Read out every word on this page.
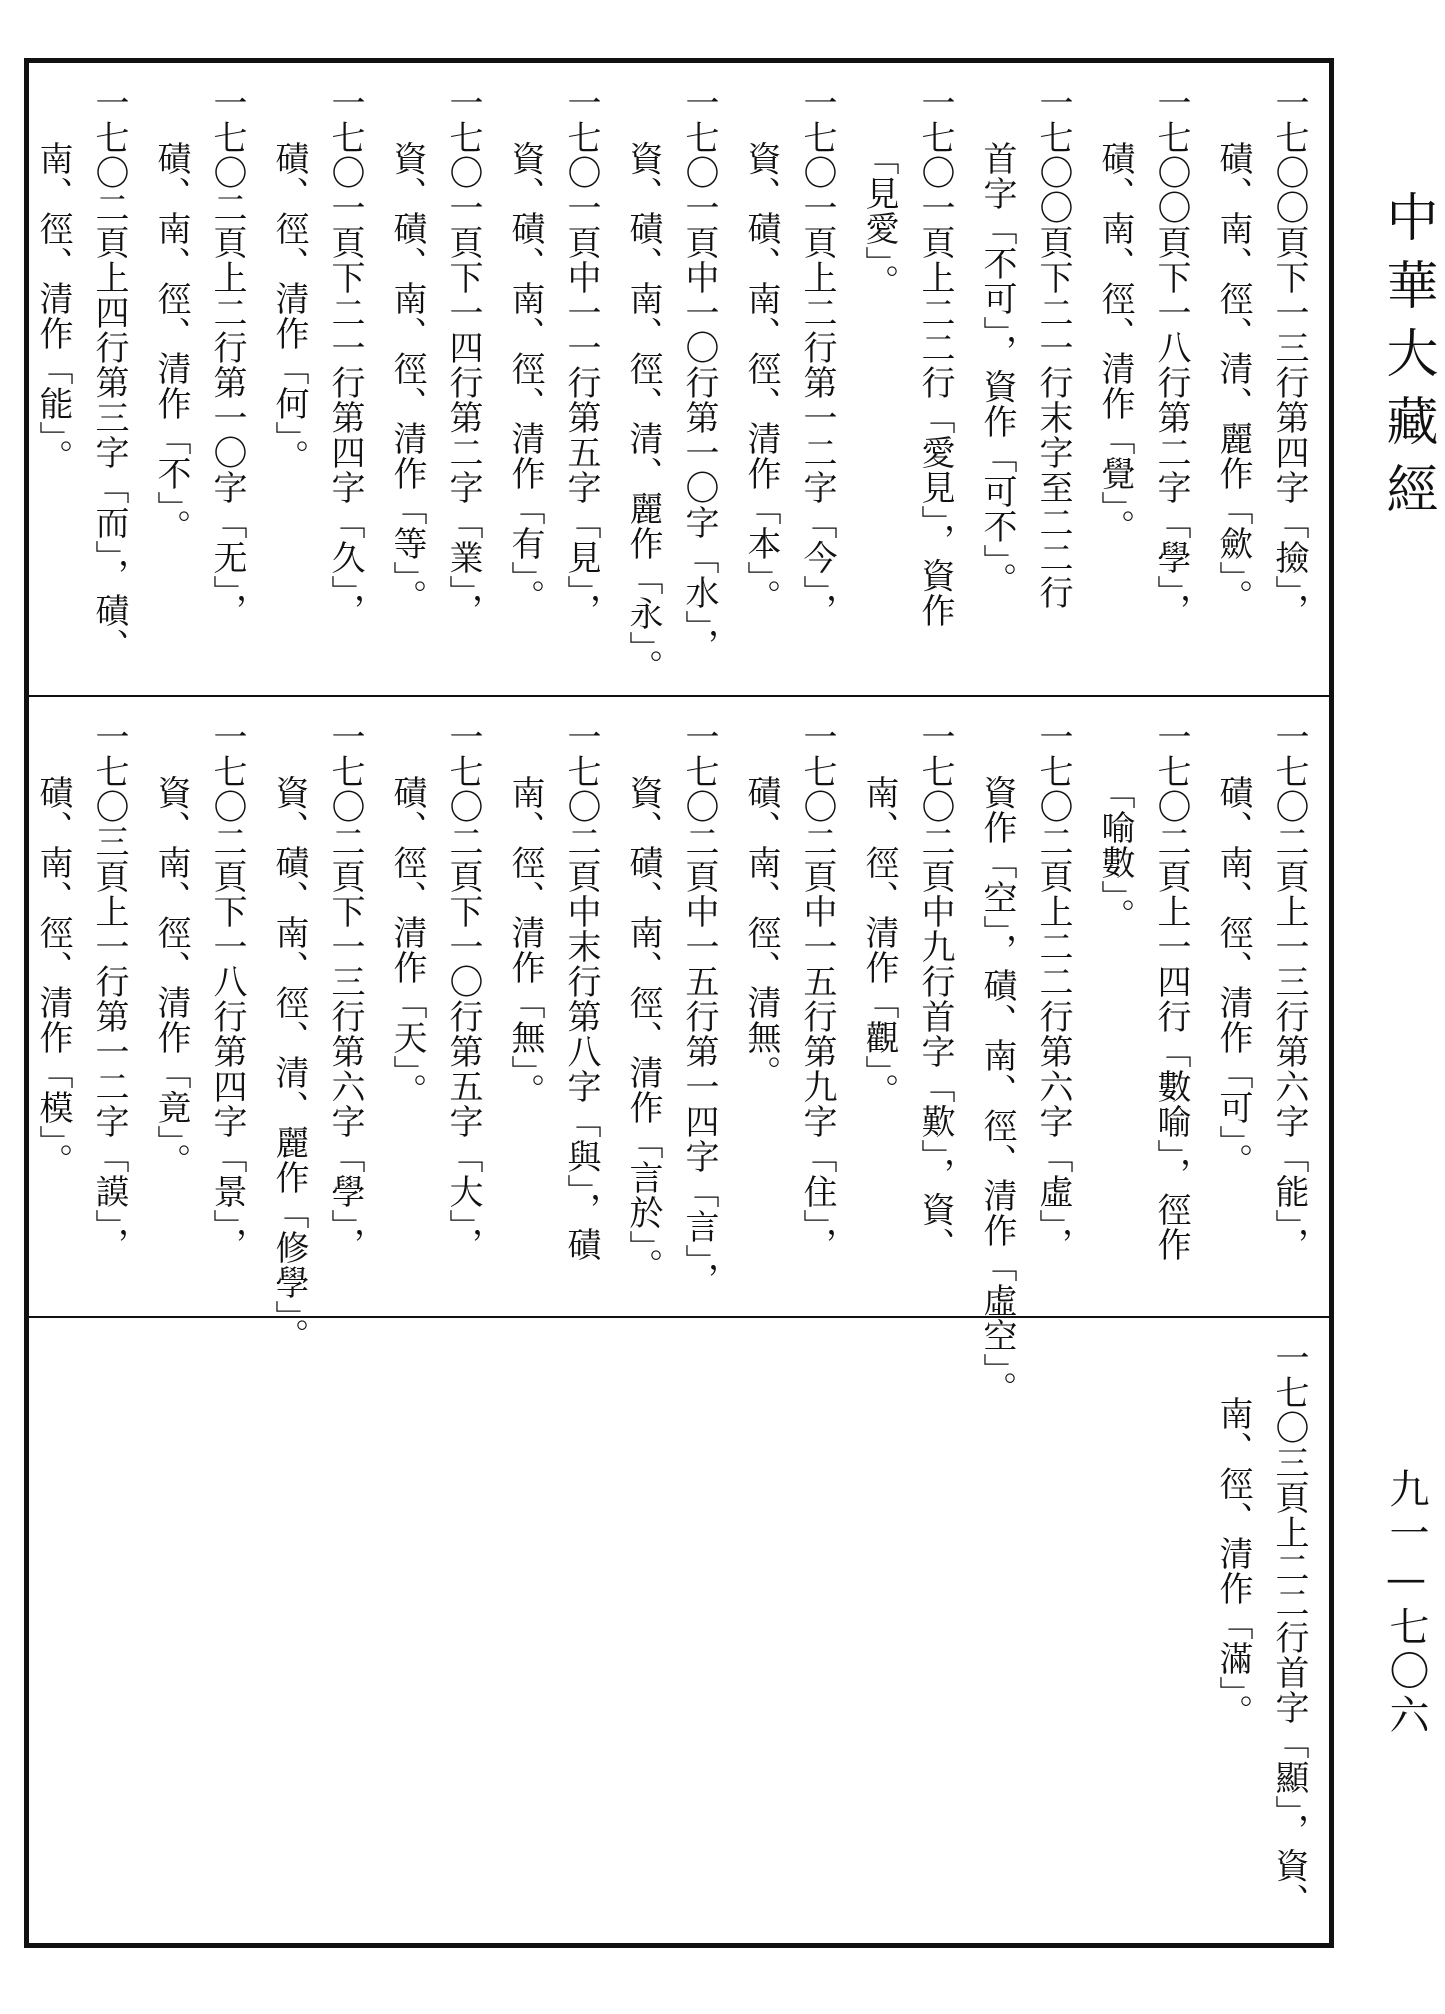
中華大藏經
九一—七〇六
一七〇〇頁下一三行第四字「撿」，
磧、南、徑、清、麗作「歛」。
一七〇〇頁下一八行第二字「學」，
磧、南、徑、清作「覺」。
一七〇〇頁下二一行末字至二二行
首字「不可」，資作「可不」。
一七〇一頁上二二行「愛見」，資作
「見愛」。
一七〇一頁上二行第一二字「今」，
資、磧、南、徑、清作「本」。
一七〇一頁中一〇行第一〇字「水」，
資、磧、南、徑、清、麗作「永」。
一七〇一頁中一一行第五字「見」，
資、磧、南、徑、清作「有」。
一七〇一頁下一四行第二字「業」，
資、磧、南、徑、清作「等」。
一七〇一頁下二一行第四字「久」，
磧、徑、清作「何」。
一七〇二頁上二行第一〇字「无」，
磧、南、徑、清作「不」。
一七〇二頁上四行第三字「而」，磧、
南、徑、清作「能」。
一七〇二頁上一三行第六字「能」，
磧、南、徑、清作「可」。
一七〇二頁上一四行「數喻」，徑作
「喻數」。
一七〇二頁上二二行第六字「虛」，
資作「空」，磧、南、徑、清作「虛空」。
一七〇二頁中九行首字「歎」，資、
南、徑、清作「觀」。
一七〇二頁中一五行第九字「住」，
磧、南、徑、清無。
一七〇二頁中一五行第一四字「言」，
資、磧、南、徑、清作「言於」。
一七〇二頁中末行第八字「與」，磧
南、徑、清作「無」。
一七〇二頁下一〇行第五字「大」，
磧、徑、清作「天」。
一七〇二頁下一三行第六字「學」，
資、磧、南、徑、清、麗作「修學」。
一七〇二頁下一八行第四字「景」，
資、南、徑、清作「竟」。
一七〇三頁上一行第一二字「謨」，
磧、南、徑、清作「模」。
一七〇三頁上二二行首字「顯」，資、
南、徑、清作「滿」。
